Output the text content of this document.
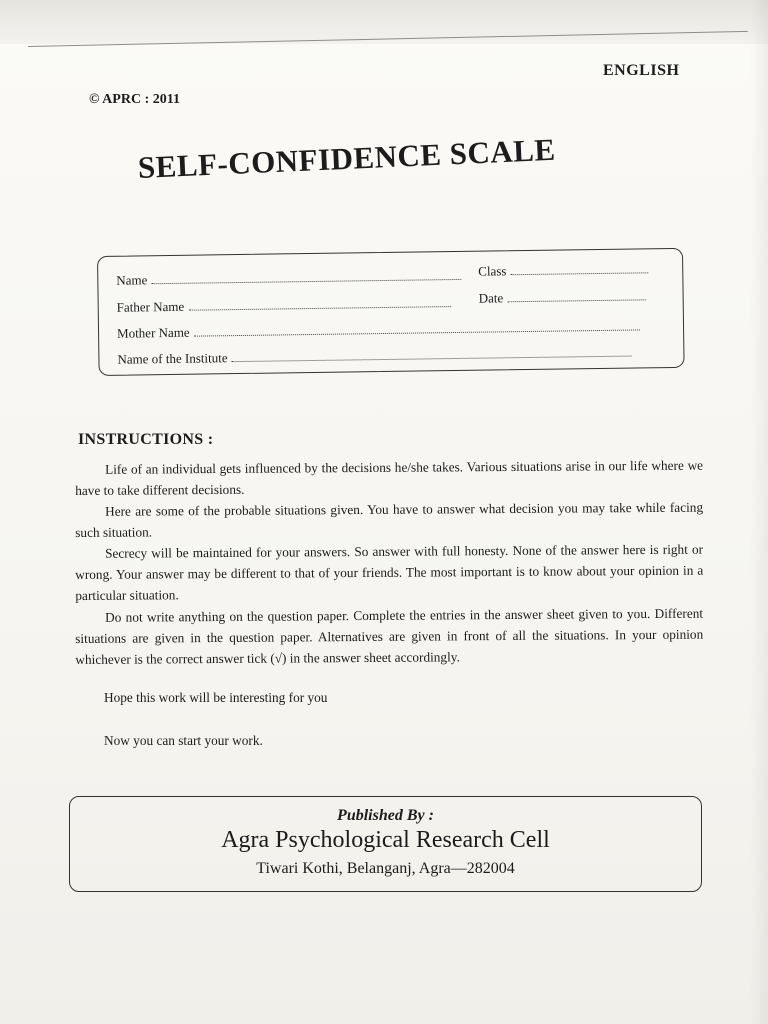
ENGLISH
© APRC : 2011
SELF-CONFIDENCE SCALE
Name
Class
Father Name
Date
Mother Name
Name of the Institute
INSTRUCTIONS :
Life of an individual gets influenced by the decisions he/she takes. Various situations arise in our life where we have to take different decisions.
Here are some of the probable situations given. You have to answer what decision you may take while facing such situation.
Secrecy will be maintained for your answers. So answer with full honesty. None of the answer here is right or wrong. Your answer may be different to that of your friends. The most important is to know about your opinion in a particular situation.
Do not write anything on the question paper. Complete the entries in the answer sheet given to you. Different situations are given in the question paper. Alternatives are given in front of all the situations. In your opinion whichever is the correct answer tick (√) in the answer sheet accordingly.
Hope this work will be interesting for you
Now you can start your work.
Published By :
Agra Psychological Research Cell
Tiwari Kothi, Belanganj, Agra—282004
